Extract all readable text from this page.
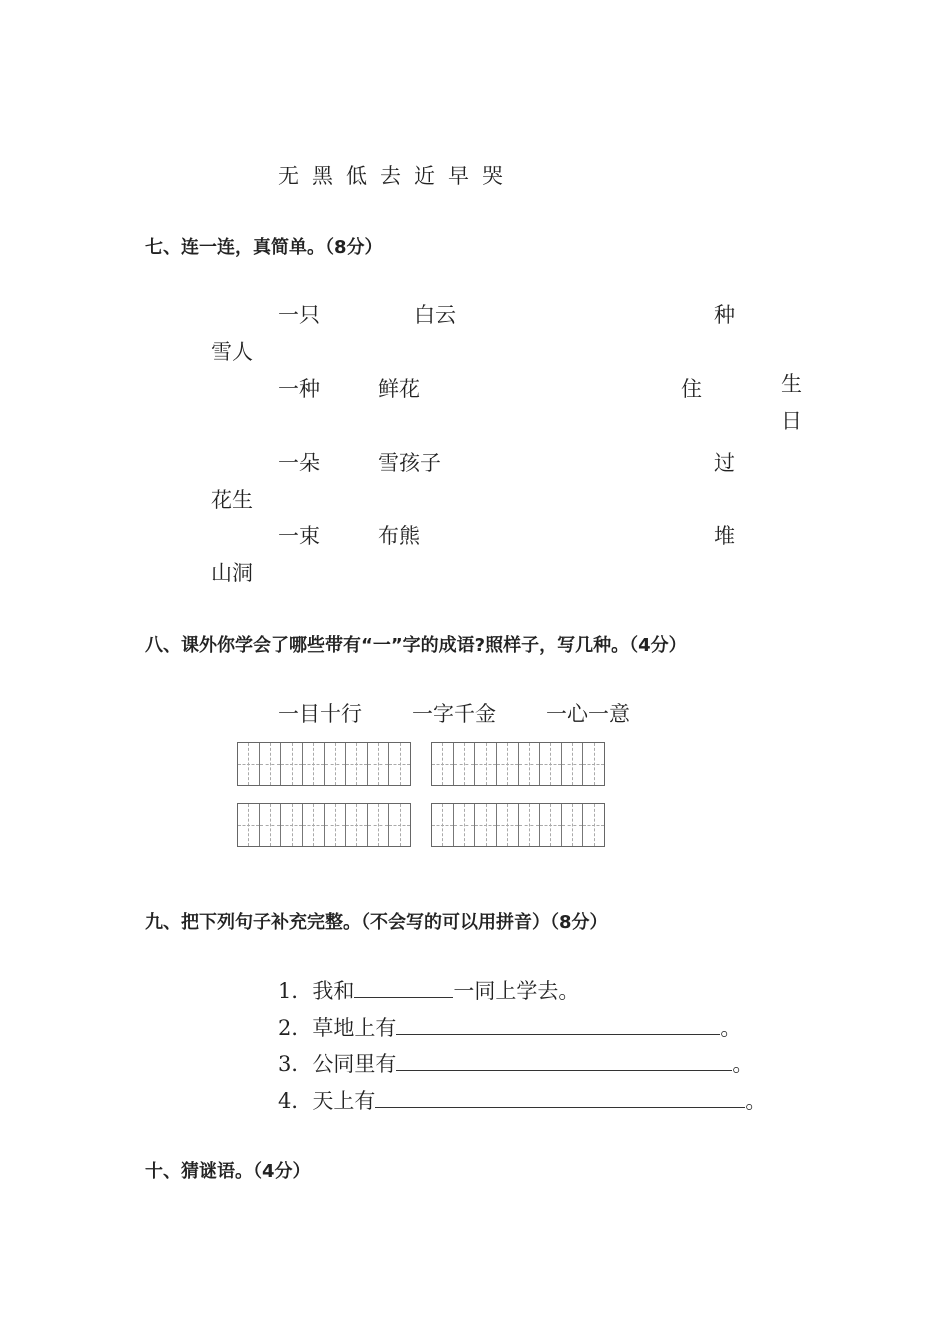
无 黑 低 去 近 早 哭
七、连一连，真简单。（8分）
一只	白云	种
雪人
一种	鲜花	住	生日
一朵	雪孩子	过
花生
一束	布熊	堆
山洞
八、课外你学会了哪些带有“一”字的成语?照样子，写几种。（4分）
一目十行 一字千金 一心一意
九、把下列句子补充完整。（不会写的可以用拼音）（8分）
1．我和	一同上学去。
2．草地上有	。
3．公同里有	。
4．天上有	。
十、猜谜语。（4分）
